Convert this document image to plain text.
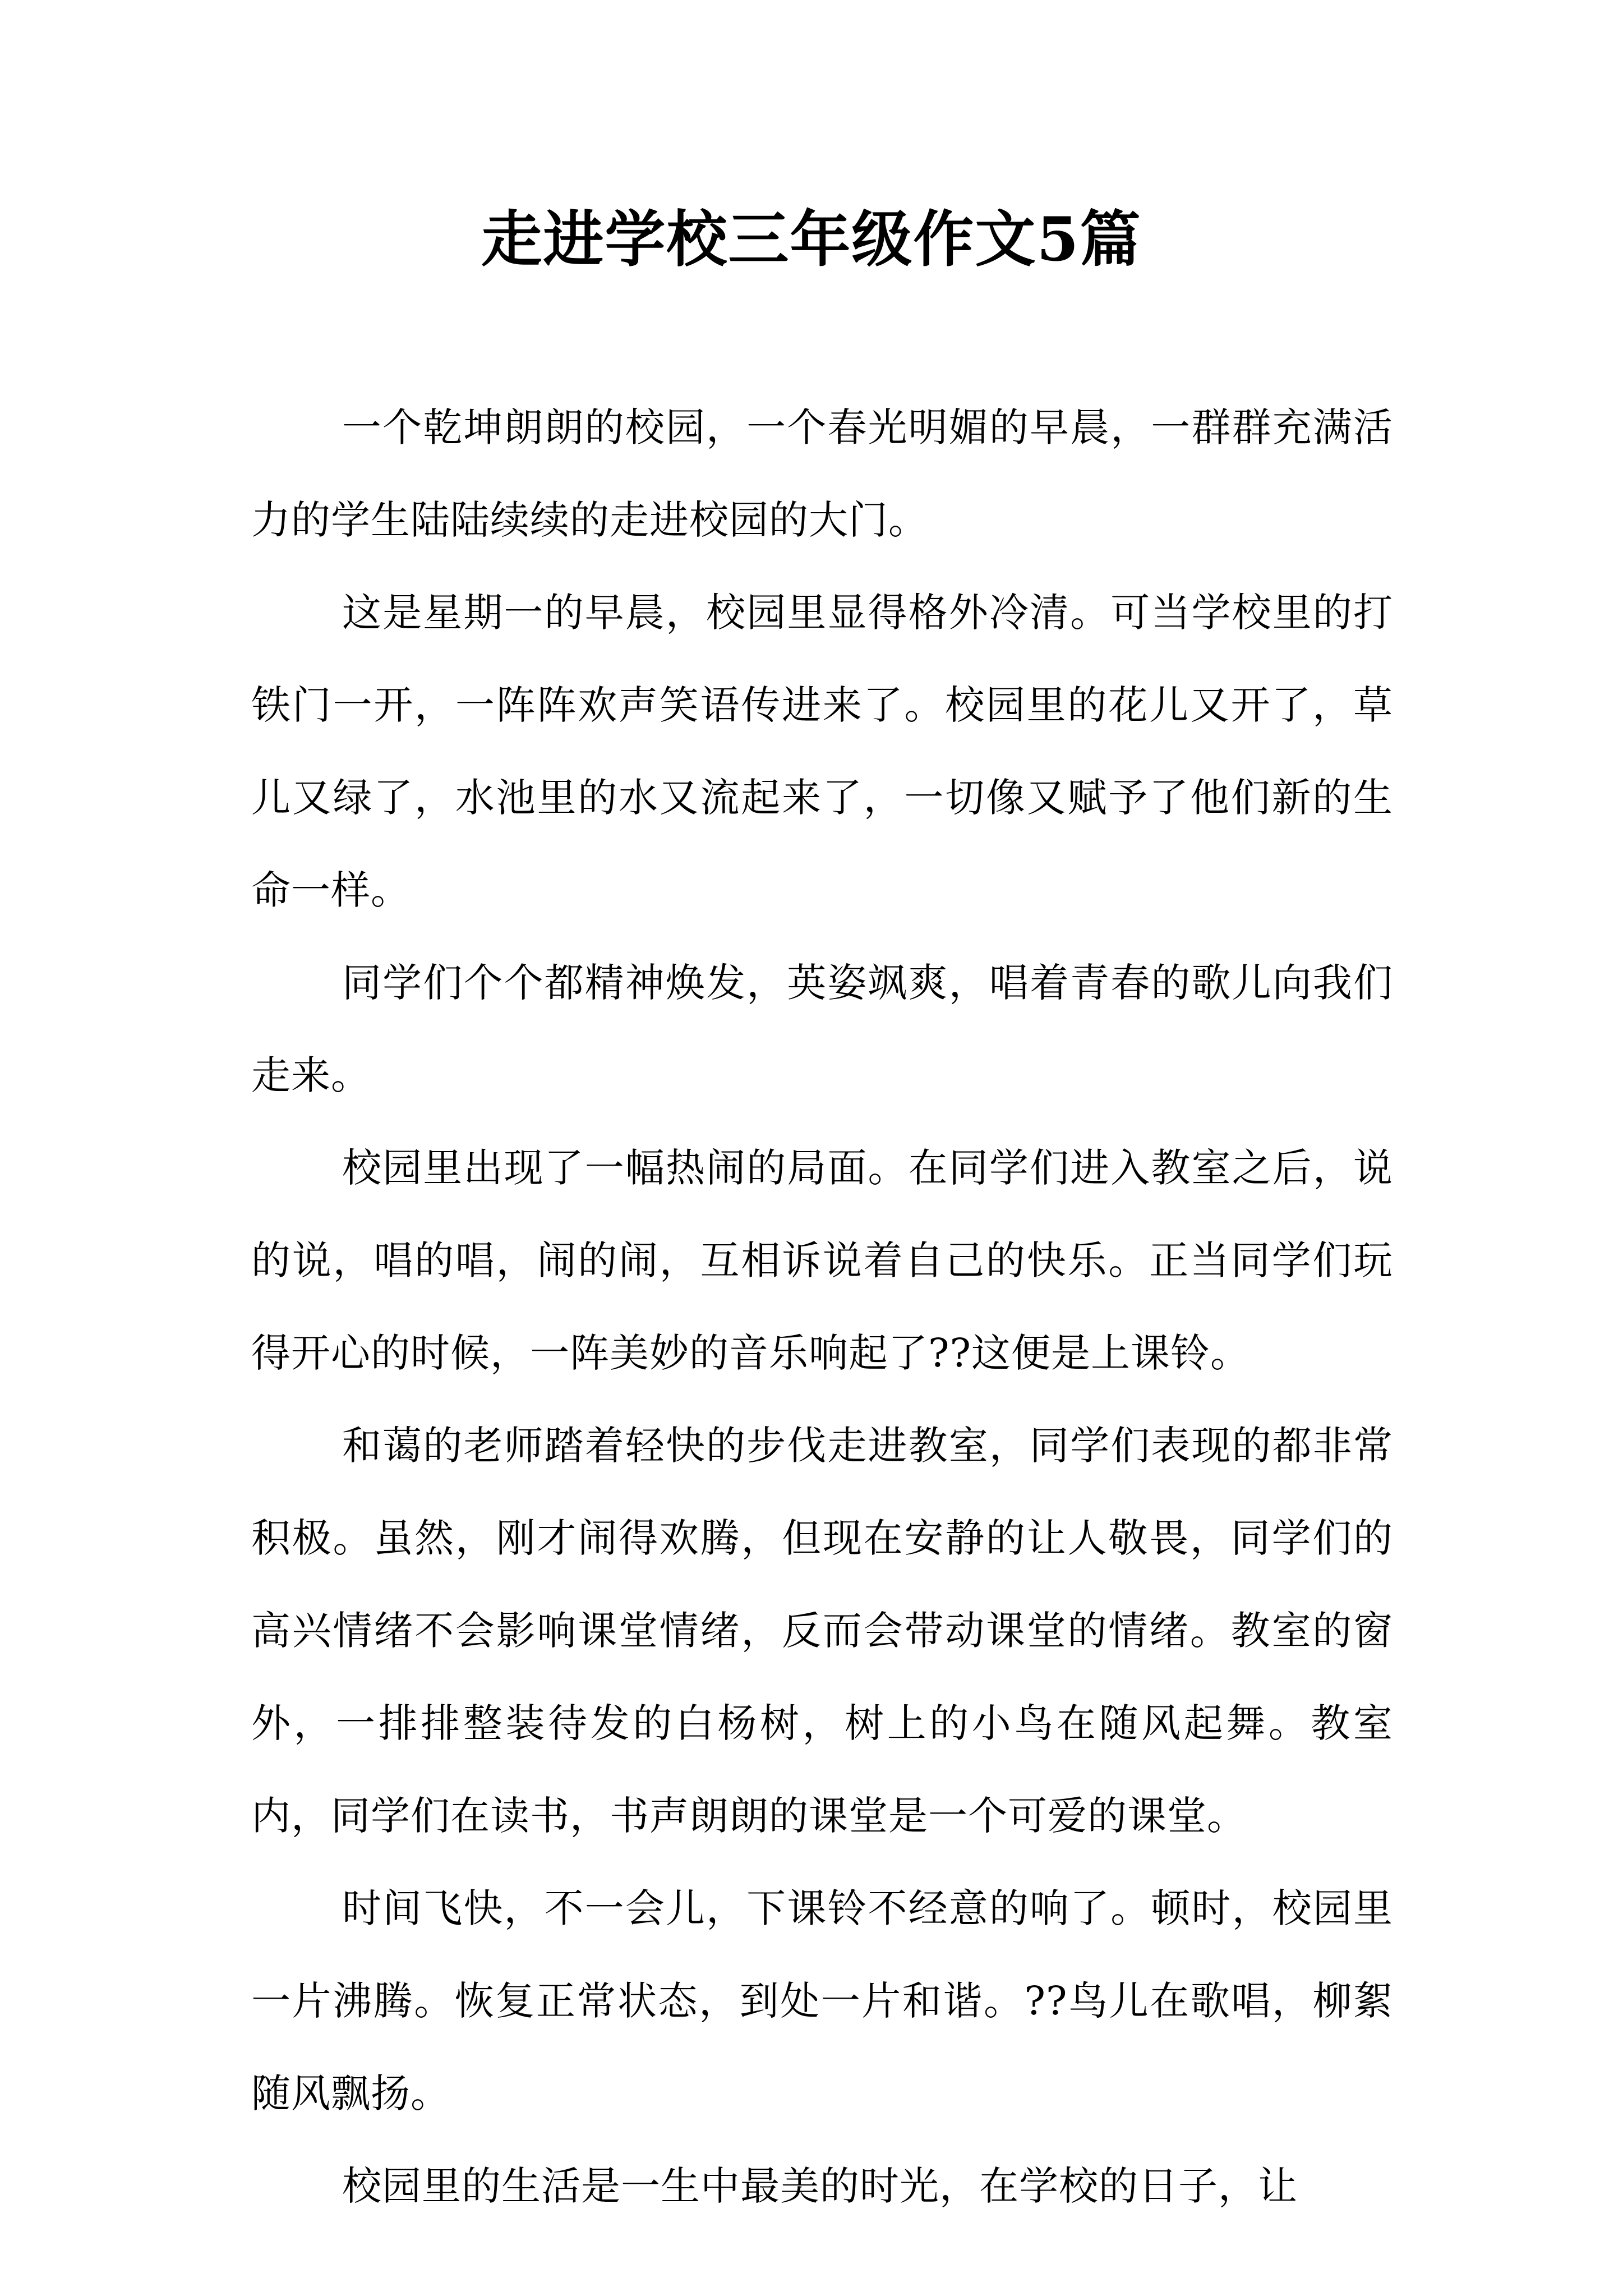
走进学校三年级作文5篇

一个乾坤朗朗的校园，一个春光明媚的早晨，一群群充满活力的学生陆陆续续的走进校园的大门。

这是星期一的早晨，校园里显得格外冷清。可当学校里的打铁门一开，一阵阵欢声笑语传进来了。校园里的花儿又开了，草儿又绿了，水池里的水又流起来了，一切像又赋予了他们新的生命一样。

同学们个个都精神焕发，英姿飒爽，唱着青春的歌儿向我们走来。

校园里出现了一幅热闹的局面。在同学们进入教室之后，说的说，唱的唱，闹的闹，互相诉说着自己的快乐。正当同学们玩得开心的时候，一阵美妙的音乐响起了??这便是上课铃。

和蔼的老师踏着轻快的步伐走进教室，同学们表现的都非常积极。虽然，刚才闹得欢腾，但现在安静的让人敬畏，同学们的高兴情绪不会影响课堂情绪，反而会带动课堂的情绪。教室的窗外，一排排整装待发的白杨树，树上的小鸟在随风起舞。教室内，同学们在读书，书声朗朗的课堂是一个可爱的课堂。

时间飞快，不一会儿，下课铃不经意的响了。顿时，校园里一片沸腾。恢复正常状态，到处一片和谐。??鸟儿在歌唱，柳絮随风飘扬。

校园里的生活是一生中最美的时光，在学校的日子，让
